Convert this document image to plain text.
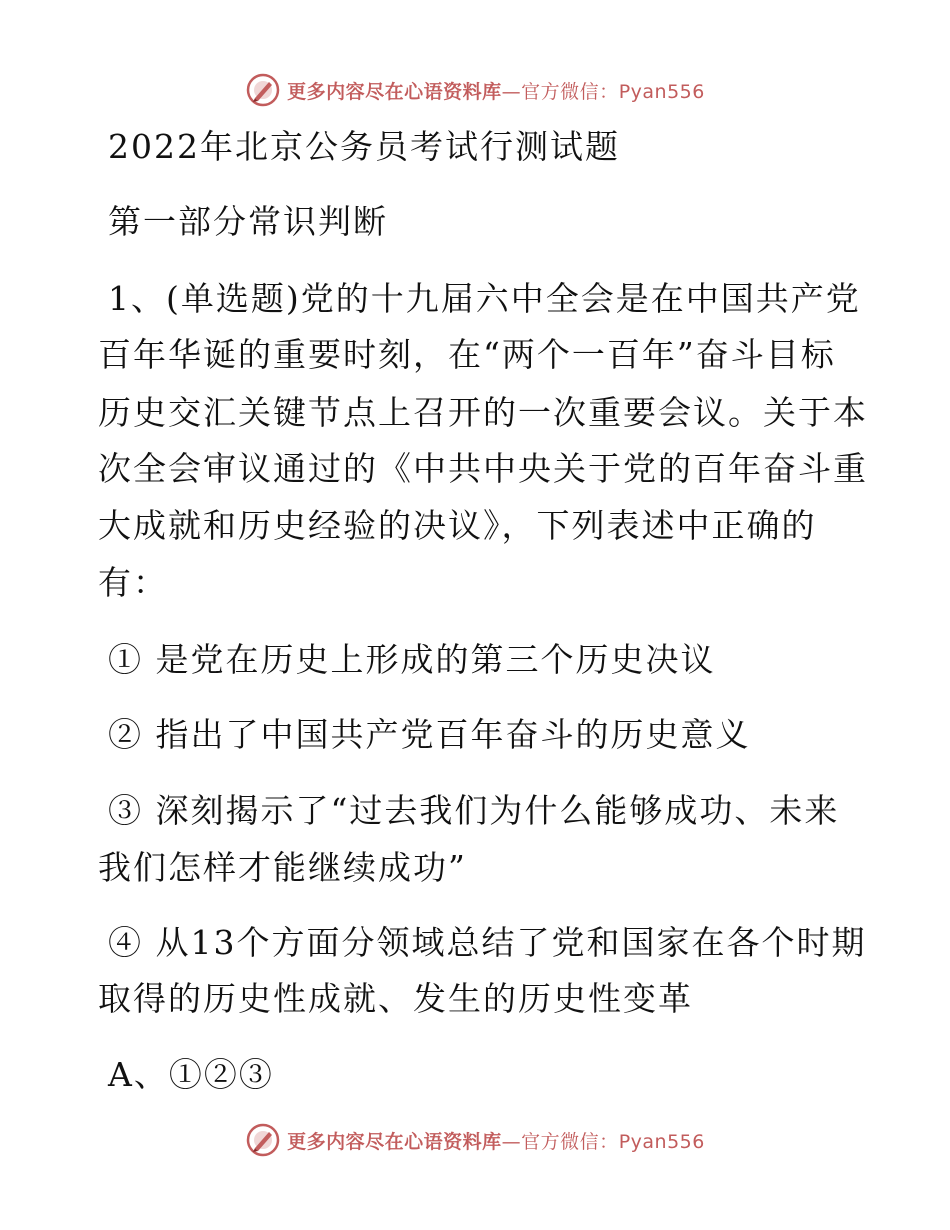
更多内容尽在心语资料库—官方微信：Pyan556
2022年北京公务员考试行测试题
第一部分常识判断
1、(单选题)党的十九届六中全会是在中国共产党
百年华诞的重要时刻，在“两个一百年”奋斗目标
历史交汇关键节点上召开的一次重要会议。关于本
次全会审议通过的《中共中央关于党的百年奋斗重
大成就和历史经验的决议》，下列表述中正确的
有：
① 是党在历史上形成的第三个历史决议
② 指出了中国共产党百年奋斗的历史意义
③ 深刻揭示了“过去我们为什么能够成功、未来
我们怎样才能继续成功”
④ 从13个方面分领域总结了党和国家在各个时期
取得的历史性成就、发生的历史性变革
A、①②③
更多内容尽在心语资料库—官方微信：Pyan556
